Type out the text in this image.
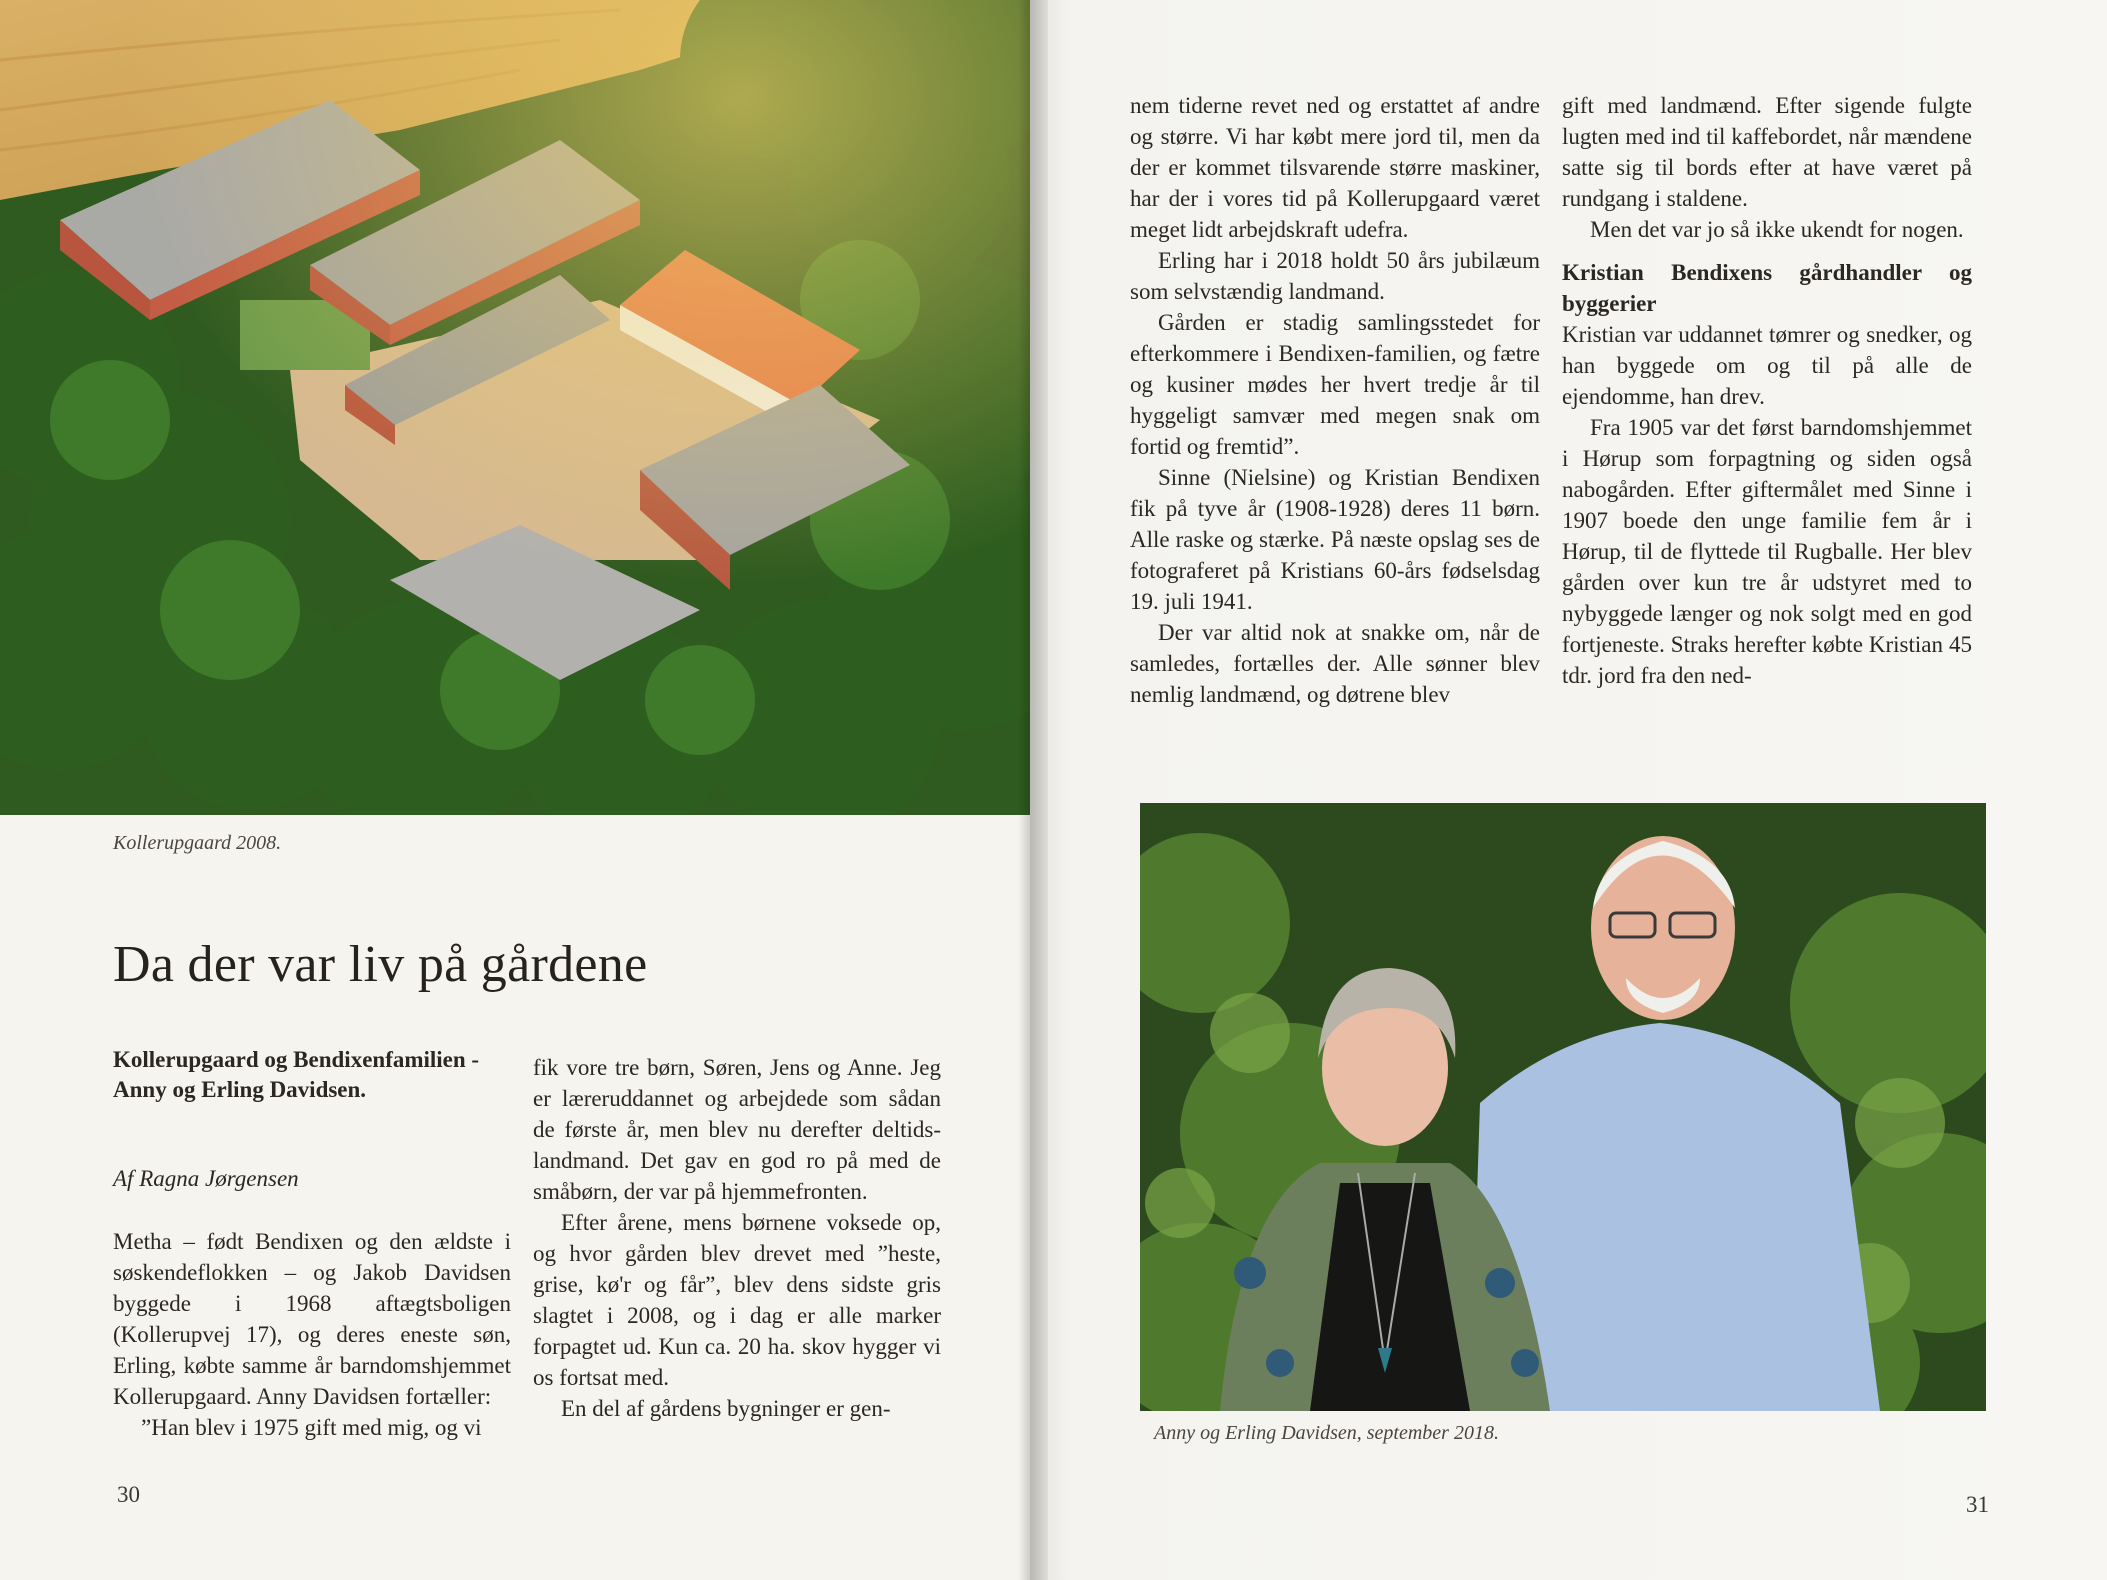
Kollerupgaard 2008.
Da der var liv på gårdene
Kollerupgaard og Bendixenfamilien - Anny og Erling Davidsen.
Af Ragna Jørgensen

Metha – født Bendixen og den ældste i søskendeflokken – og Jakob Davidsen byggede i 1968 aftægtsboligen (Kollerupvej 17), og deres eneste søn, Erling, købte samme år barndomshjemmet Kollerupgaard. Anny Davidsen fortæller:

”Han blev i 1975 gift med mig, og vi

fik vore tre børn, Søren, Jens og Anne. Jeg er læreruddannet og arbejdede som sådan de første år, men blev nu derefter deltids-landmand. Det gav en god ro på med de småbørn, der var på hjemmefronten.

Efter årene, mens børnene voksede op, og hvor gården blev drevet med ”heste, grise, kø'r og får”, blev dens sidste gris slagtet i 2008, og i dag er alle marker forpagtet ud. Kun ca. 20 ha. skov hygger vi os fortsat med.

En del af gårdens bygninger er gen-

30

nem tiderne revet ned og erstattet af andre og større. Vi har købt mere jord til, men da der er kommet tilsvarende større maskiner, har der i vores tid på Kollerupgaard været meget lidt arbejdskraft udefra.

Erling har i 2018 holdt 50 års jubilæum som selvstændig landmand.

Gården er stadig samlingsstedet for efterkommere i Bendixen-familien, og fætre og kusiner mødes her hvert tredje år til hyggeligt samvær med megen snak om fortid og fremtid”.

Sinne (Nielsine) og Kristian Bendixen fik på tyve år (1908-1928) deres 11 børn. Alle raske og stærke. På næste opslag ses de fotograferet på Kristians 60-års fødselsdag 19. juli 1941.

Der var altid nok at snakke om, når de samledes, fortælles der. Alle sønner blev nemlig landmænd, og døtrene blev

gift med landmænd. Efter sigende fulgte lugten med ind til kaffebordet, når mændene satte sig til bords efter at have været på rundgang i staldene.

Men det var jo så ikke ukendt for nogen.

Kristian Bendixens gårdhandler og byggerier

Kristian var uddannet tømrer og snedker, og han byggede om og til på alle de ejendomme, han drev.

Fra 1905 var det først barndomshjemmet i Hørup som forpagtning og siden også nabogården. Efter giftermålet med Sinne i 1907 boede den unge familie fem år i Hørup, til de flyttede til Rugballe. Her blev gården over kun tre år udstyret med to nybyggede længer og nok solgt med en god fortjeneste. Straks herefter købte Kristian 45 tdr. jord fra den ned-

Anny og Erling Davidsen, september 2018.
31
